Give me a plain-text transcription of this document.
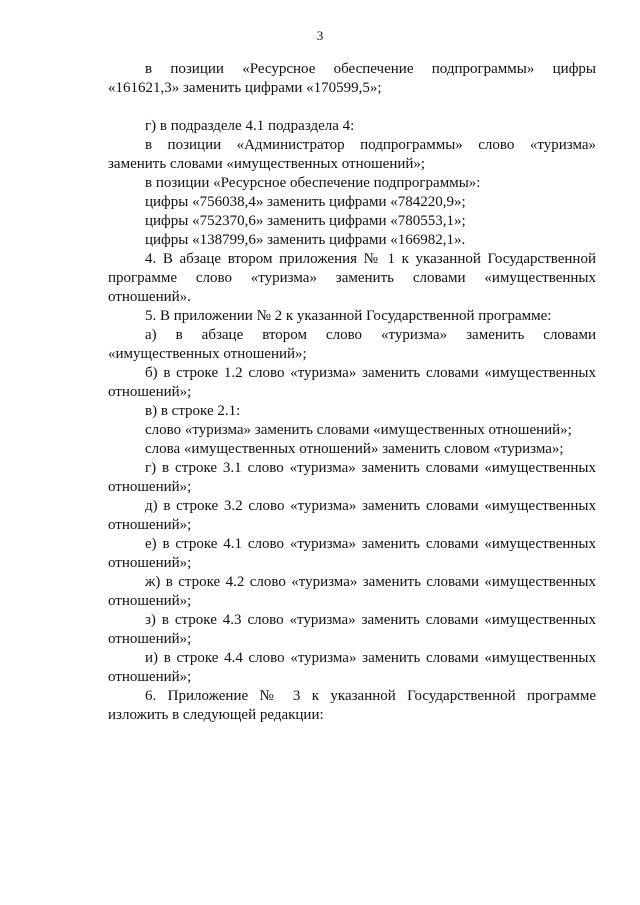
3

в позиции «Ресурсное обеспечение подпрограммы» цифры «161621,3» заменить цифрами «170599,5»;

г) в подразделе 4.1 подраздела 4:

в позиции «Администратор подпрограммы» слово «туризма» заменить словами «имущественных отношений»;

в позиции «Ресурсное обеспечение подпрограммы»:

цифры «756038,4» заменить цифрами «784220,9»;

цифры «752370,6» заменить цифрами «780553,1»;

цифры «138799,6» заменить цифрами «166982,1».

4. В абзаце втором приложения № 1 к указанной Государственной программе слово «туризма» заменить словами «имущественных отношений».

5. В приложении № 2 к указанной Государственной программе:

а) в абзаце втором слово «туризма» заменить словами «имущественных отношений»;

б) в строке 1.2 слово «туризма» заменить словами «имущественных отношений»;

в) в строке 2.1:

слово «туризма» заменить словами «имущественных отношений»;

слова «имущественных отношений» заменить словом «туризма»;

г) в строке 3.1 слово «туризма» заменить словами «имущественных отношений»;

д) в строке 3.2 слово «туризма» заменить словами «имущественных отношений»;

е) в строке 4.1 слово «туризма» заменить словами «имущественных отношений»;

ж) в строке 4.2 слово «туризма» заменить словами «имущественных отношений»;

з) в строке 4.3 слово «туризма» заменить словами «имущественных отношений»;

и) в строке 4.4 слово «туризма» заменить словами «имущественных отношений»;

6. Приложение № 3 к указанной Государственной программе изложить в следующей редакции:
